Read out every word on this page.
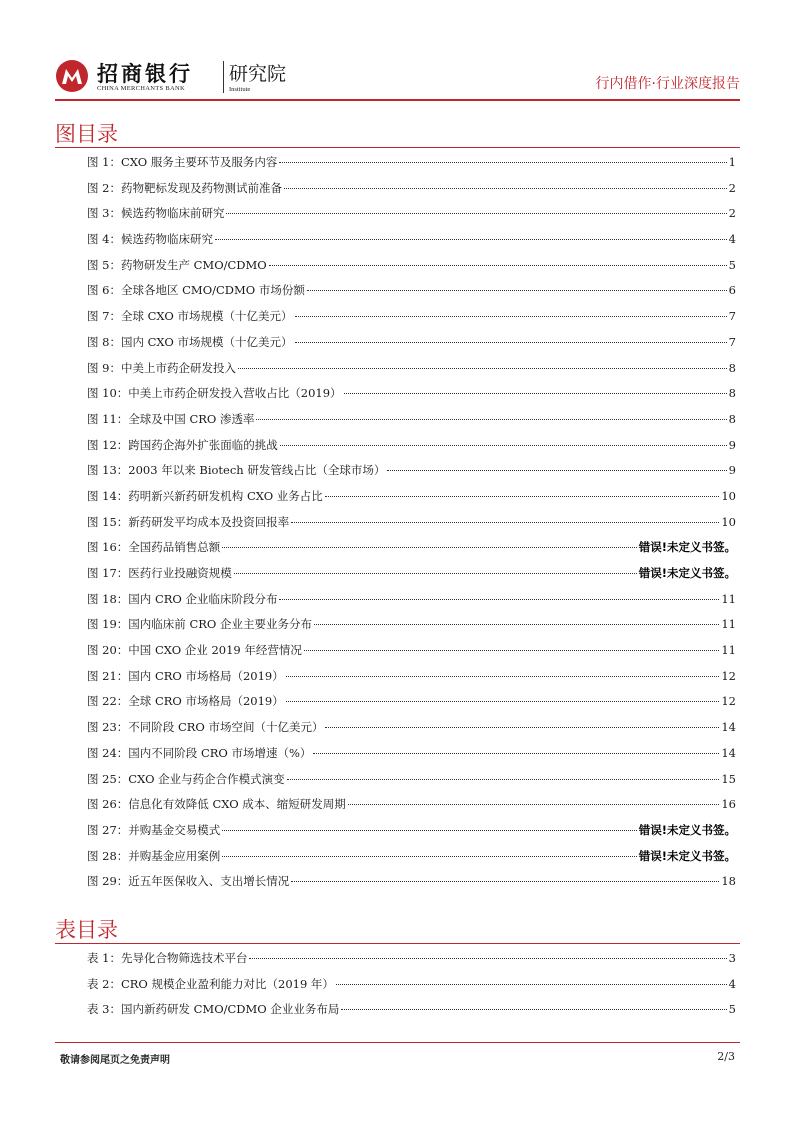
招商银行
CHINA MERCHANTS BANK
研究院
Institute	行内借作·行业深度报告
图目录
图 1：CXO 服务主要环节及服务内容	1
图 2：药物靶标发现及药物测试前准备	2
图 3：候选药物临床前研究	2
图 4：候选药物临床研究	4
图 5：药物研发生产 CMO/CDMO	5
图 6：全球各地区 CMO/CDMO 市场份额	6
图 7：全球 CXO 市场规模（十亿美元）	7
图 8：国内 CXO 市场规模（十亿美元）	7
图 9：中美上市药企研发投入	8
图 10：中美上市药企研发投入营收占比（2019）	8
图 11：全球及中国 CRO 渗透率	8
图 12：跨国药企海外扩张面临的挑战	9
图 13：2003 年以来 Biotech 研发管线占比（全球市场）	9
图 14：药明新兴新药研发机构 CXO 业务占比	10
图 15：新药研发平均成本及投资回报率	10
图 16：全国药品销售总额	错误!未定义书签。
图 17：医药行业投融资规模	错误!未定义书签。
图 18：国内 CRO 企业临床阶段分布	11
图 19：国内临床前 CRO 企业主要业务分布	11
图 20：中国 CXO 企业 2019 年经营情况	11
图 21：国内 CRO 市场格局（2019）	12
图 22：全球 CRO 市场格局（2019）	12
图 23：不同阶段 CRO 市场空间（十亿美元）	14
图 24：国内不同阶段 CRO 市场增速（%）	14
图 25：CXO 企业与药企合作模式演变	15
图 26：信息化有效降低 CXO 成本、缩短研发周期	16
图 27：并购基金交易模式	错误!未定义书签。
图 28：并购基金应用案例	错误!未定义书签。
图 29：近五年医保收入、支出增长情况	18
表目录
表 1：先导化合物筛选技术平台	3
表 2：CRO 规模企业盈利能力对比（2019 年）	4
表 3：国内新药研发 CMO/CDMO 企业业务布局	5
敬请参阅尾页之免责声明	2/3
